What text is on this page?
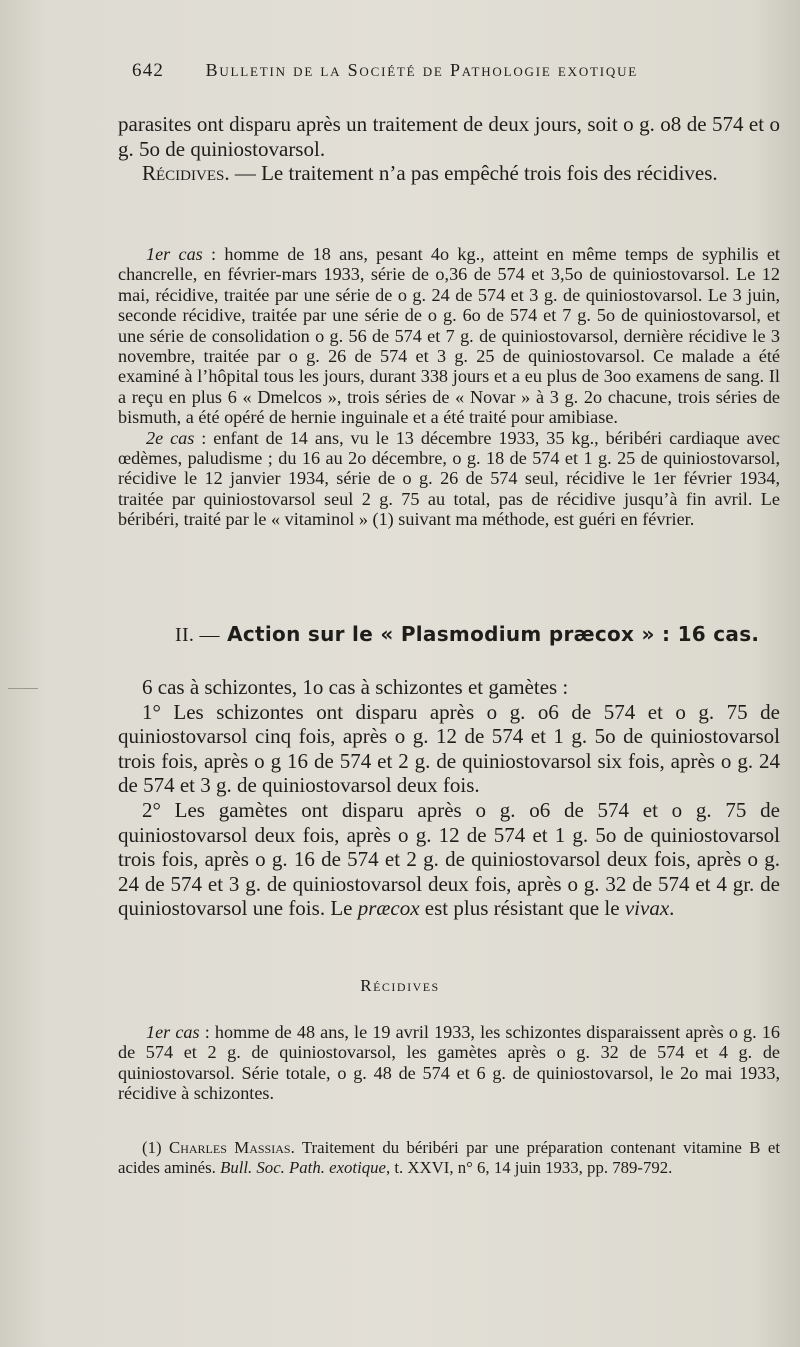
642 Bulletin de la Société de Pathologie exotique

parasites ont disparu après un traitement de deux jours, soit o g. o8 de 574 et o g. 5o de quiniostovarsol.

Récidives. — Le traitement n’a pas empêché trois fois des récidives.

1er cas : homme de 18 ans, pesant 4o kg., atteint en même temps de syphilis et chancrelle, en février-mars 1933, série de o,36 de 574 et 3,5o de quiniostovarsol. Le 12 mai, récidive, traitée par une série de o g. 24 de 574 et 3 g. de quiniostovarsol. Le 3 juin, seconde récidive, traitée par une série de o g. 6o de 574 et 7 g. 5o de quiniostovarsol, et une série de consolidation o g. 56 de 574 et 7 g. de quiniostovarsol, dernière récidive le 3 novembre, traitée par o g. 26 de 574 et 3 g. 25 de quiniostovarsol. Ce malade a été examiné à l’hôpital tous les jours, durant 338 jours et a eu plus de 3oo examens de sang. Il a reçu en plus 6 « Dmelcos », trois séries de « Novar » à 3 g. 2o chacune, trois séries de bismuth, a été opéré de hernie inguinale et a été traité pour amibiase.

2e cas : enfant de 14 ans, vu le 13 décembre 1933, 35 kg., béribéri cardiaque avec œdèmes, paludisme ; du 16 au 2o décembre, o g. 18 de 574 et 1 g. 25 de quiniostovarsol, récidive le 12 janvier 1934, série de o g. 26 de 574 seul, récidive le 1er février 1934, traitée par quiniostovarsol seul 2 g. 75 au total, pas de récidive jusqu’à fin avril. Le béribéri, traité par le « vitaminol » (1) suivant ma méthode, est guéri en février.

II. — Action sur le « Plasmodium præcox » : 16 cas.

6 cas à schizontes, 1o cas à schizontes et gamètes :

1° Les schizontes ont disparu après o g. o6 de 574 et o g. 75 de quiniostovarsol cinq fois, après o g. 12 de 574 et 1 g. 5o de quiniostovarsol trois fois, après o g 16 de 574 et 2 g. de quiniostovarsol six fois, après o g. 24 de 574 et 3 g. de quiniostovarsol deux fois.

2° Les gamètes ont disparu après o g. o6 de 574 et o g. 75 de quiniostovarsol deux fois, après o g. 12 de 574 et 1 g. 5o de quiniostovarsol trois fois, après o g. 16 de 574 et 2 g. de quiniostovarsol deux fois, après o g. 24 de 574 et 3 g. de quiniostovarsol deux fois, après o g. 32 de 574 et 4 gr. de quiniostovarsol une fois. Le præcox est plus résistant que le vivax.

Récidives

1er cas : homme de 48 ans, le 19 avril 1933, les schizontes disparaissent après o g. 16 de 574 et 2 g. de quiniostovarsol, les gamètes après o g. 32 de 574 et 4 g. de quiniostovarsol. Série totale, o g. 48 de 574 et 6 g. de quiniostovarsol, le 2o mai 1933, récidive à schizontes.

(1) Charles Massias. Traitement du béribéri par une préparation contenant vitamine B et acides aminés. Bull. Soc. Path. exotique, t. XXVI, n° 6, 14 juin 1933, pp. 789-792.
